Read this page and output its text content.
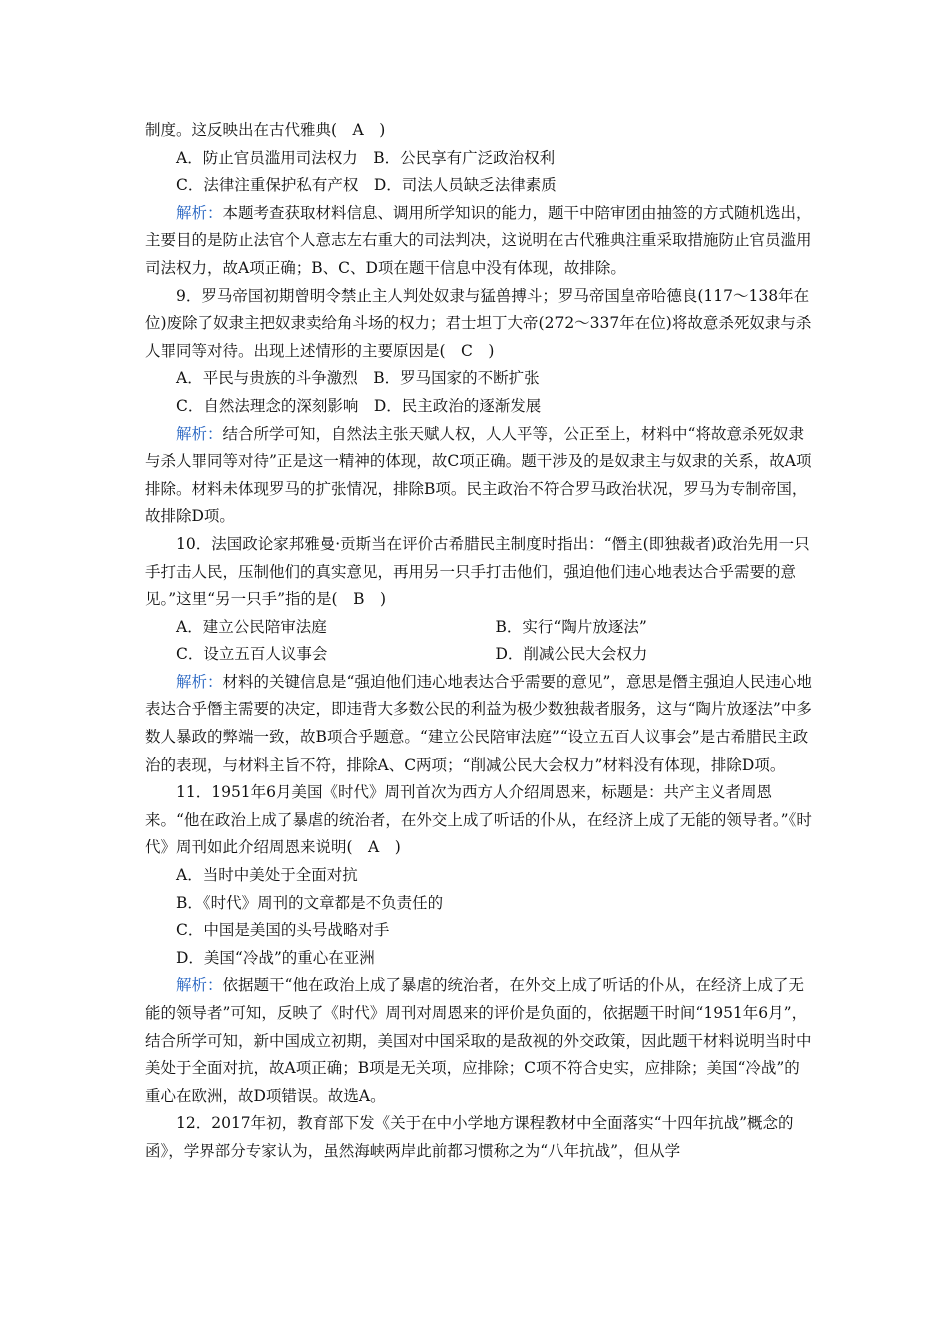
制度。这反映出在古代雅典(　A　)

A．防止官员滥用司法权力　B．公民享有广泛政治权利

C．法律注重保护私有产权　D．司法人员缺乏法律素质

解析：本题考查获取材料信息、调用所学知识的能力，题干中陪审团由抽签的方式随机选出，主要目的是防止法官个人意志左右重大的司法判决，这说明在古代雅典注重采取措施防止官员滥用司法权力，故A项正确；B、C、D项在题干信息中没有体现，故排除。

9．罗马帝国初期曾明令禁止主人判处奴隶与猛兽搏斗；罗马帝国皇帝哈德良(117～138年在位)废除了奴隶主把奴隶卖给角斗场的权力；君士坦丁大帝(272～337年在位)将故意杀死奴隶与杀人罪同等对待。出现上述情形的主要原因是(　C　)

A．平民与贵族的斗争激烈　B．罗马国家的不断扩张

C．自然法理念的深刻影响　D．民主政治的逐渐发展

解析：结合所学可知，自然法主张天赋人权，人人平等，公正至上，材料中“将故意杀死奴隶与杀人罪同等对待”正是这一精神的体现，故C项正确。题干涉及的是奴隶主与奴隶的关系，故A项排除。材料未体现罗马的扩张情况，排除B项。民主政治不符合罗马政治状况，罗马为专制帝国，故排除D项。

10．法国政论家邦雅曼·贡斯当在评价古希腊民主制度时指出：“僭主(即独裁者)政治先用一只手打击人民，压制他们的真实意见，再用另一只手打击他们，强迫他们违心地表达合乎需要的意见。”这里“另一只手”指的是(　B　)

A．建立公民陪审法庭	B．实行“陶片放逐法”
C．设立五百人议事会	D．削减公民大会权力

解析：材料的关键信息是“强迫他们违心地表达合乎需要的意见”，意思是僭主强迫人民违心地表达合乎僭主需要的决定，即违背大多数公民的利益为极少数独裁者服务，这与“陶片放逐法”中多数人暴政的弊端一致，故B项合乎题意。“建立公民陪审法庭”“设立五百人议事会”是古希腊民主政治的表现，与材料主旨不符，排除A、C两项；“削减公民大会权力”材料没有体现，排除D项。

11．1951年6月美国《时代》周刊首次为西方人介绍周恩来，标题是：共产主义者周恩来。“他在政治上成了暴虐的统治者，在外交上成了听话的仆从，在经济上成了无能的领导者。”《时代》周刊如此介绍周恩来说明(　A　)

A．当时中美处于全面对抗

B．《时代》周刊的文章都是不负责任的

C．中国是美国的头号战略对手

D．美国“冷战”的重心在亚洲

解析：依据题干“他在政治上成了暴虐的统治者，在外交上成了听话的仆从，在经济上成了无能的领导者”可知，反映了《时代》周刊对周恩来的评价是负面的，依据题干时间“1951年6月”，结合所学可知，新中国成立初期，美国对中国采取的是敌视的外交政策，因此题干材料说明当时中美处于全面对抗，故A项正确；B项是无关项，应排除；C项不符合史实，应排除；美国“冷战”的重心在欧洲，故D项错误。故选A。

12．2017年初，教育部下发《关于在中小学地方课程教材中全面落实“十四年抗战”概念的函》，学界部分专家认为，虽然海峡两岸此前都习惯称之为“八年抗战”，但从学
